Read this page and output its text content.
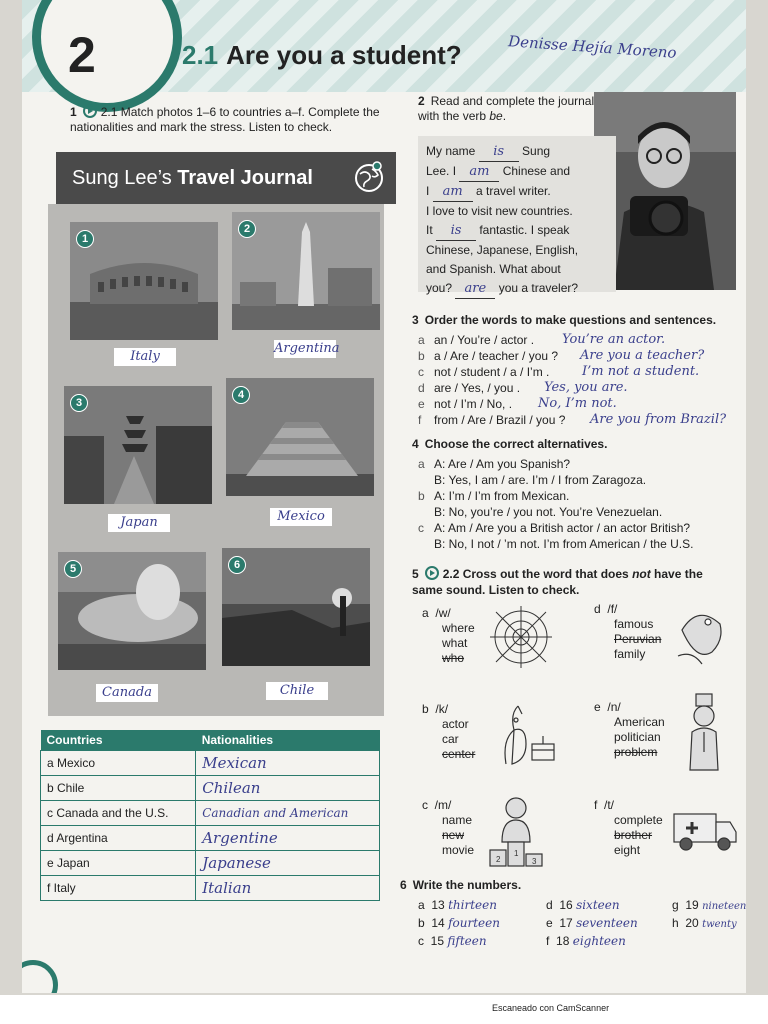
2	2.1 Are you a student?	Denisse Hejía Moreno
1 2.1 Match photos 1–6 to countries a–f. Complete the nationalities and mark the stress. Listen to check.
Sung Lee’s Travel Journal
1
Italy
2
Argentina
3
Japan
4
Mexico
5
Canada
6
Chile
Countries	Nationalities
a Mexico	Mexican
b Chile	Chilean
c Canada and the U.S.	Canadian and American
d Argentina	Argentine
e Japan	Japanese
f Italy	Italian
2 Read and complete the journal with the verb be.
My name is Sung
Lee. I am Chinese and
I am a travel writer.
I love to visit new countries.
It is fantastic. I speak
Chinese, Japanese, English,
and Spanish. What about
you? are you a traveler?
3 Order the words to make questions and sentences.
a an / You’re / actor . You’re an actor.
b a / Are / teacher / you ? Are you a teacher?
c not / student / a / I’m .	I’m not a student.
d are / Yes, / you . Yes, you are.
e not / I’m / No, . No, I’m not.
f from / Are / Brazil / you ? Are you from Brazil?
4 Choose the correct alternatives.
a A: Are / Am you Spanish?
B: Yes, I am / are. I’m / I from Zaragoza.
b A: I’m / I’m from Mexican.
B: No, you’re / you not. You’re Venezuelan.
c A: Am / Are you a British actor / an actor British?
B: No, I not / ’m not. I’m from American / the U.S.
5 2.2 Cross out the word that does not have the same sound. Listen to check.
a /w/
where
what
who
b /k/
actor
car
center
c /m/
name
new
movie
2
1
3
d /f/
famous
Peruvian
family
e /n/
American
politician
problem
f /t/
complete
brother
eight
6 Write the numbers.
a 13 thirteen
b 14 fourteen
c 15 fifteen
d 16 sixteen
e 17 seventeen
f 18 eighteen
g 19 nineteen
h 20 twenty
Escaneado con CamScanner
